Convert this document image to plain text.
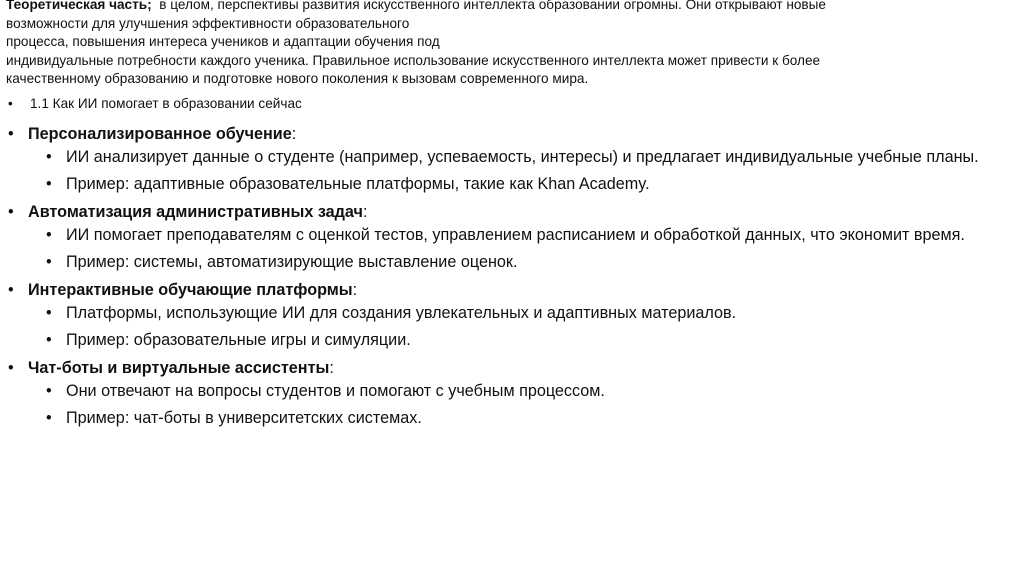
Теоретическая часть;  в целом, перспективы развития искусственного интеллекта образовании огромны. Они открывают новые
возможности для улучшения эффективности образовательного
процесса, повышения интереса учеников и адаптации обучения под
индивидуальные потребности каждого ученика. Правильное использование искусственного интеллекта может привести к более
качественному образованию и подготовке нового поколения к вызовам современного мира.
• 1.1 Как ИИ помогает в образовании сейчас
• Персонализированное обучение:
• ИИ анализирует данные о студенте (например, успеваемость, интересы) и предлагает индивидуальные учебные планы.
• Пример: адаптивные образовательные платформы, такие как Khan Academy.
• Автоматизация административных задач:
• ИИ помогает преподавателям с оценкой тестов, управлением расписанием и обработкой данных, что экономит время.
• Пример: системы, автоматизирующие выставление оценок.
• Интерактивные обучающие платформы:
• Платформы, использующие ИИ для создания увлекательных и адаптивных материалов.
• Пример: образовательные игры и симуляции.
• Чат-боты и виртуальные ассистенты:
• Они отвечают на вопросы студентов и помогают с учебным процессом.
• Пример: чат-боты в университетских системах.
